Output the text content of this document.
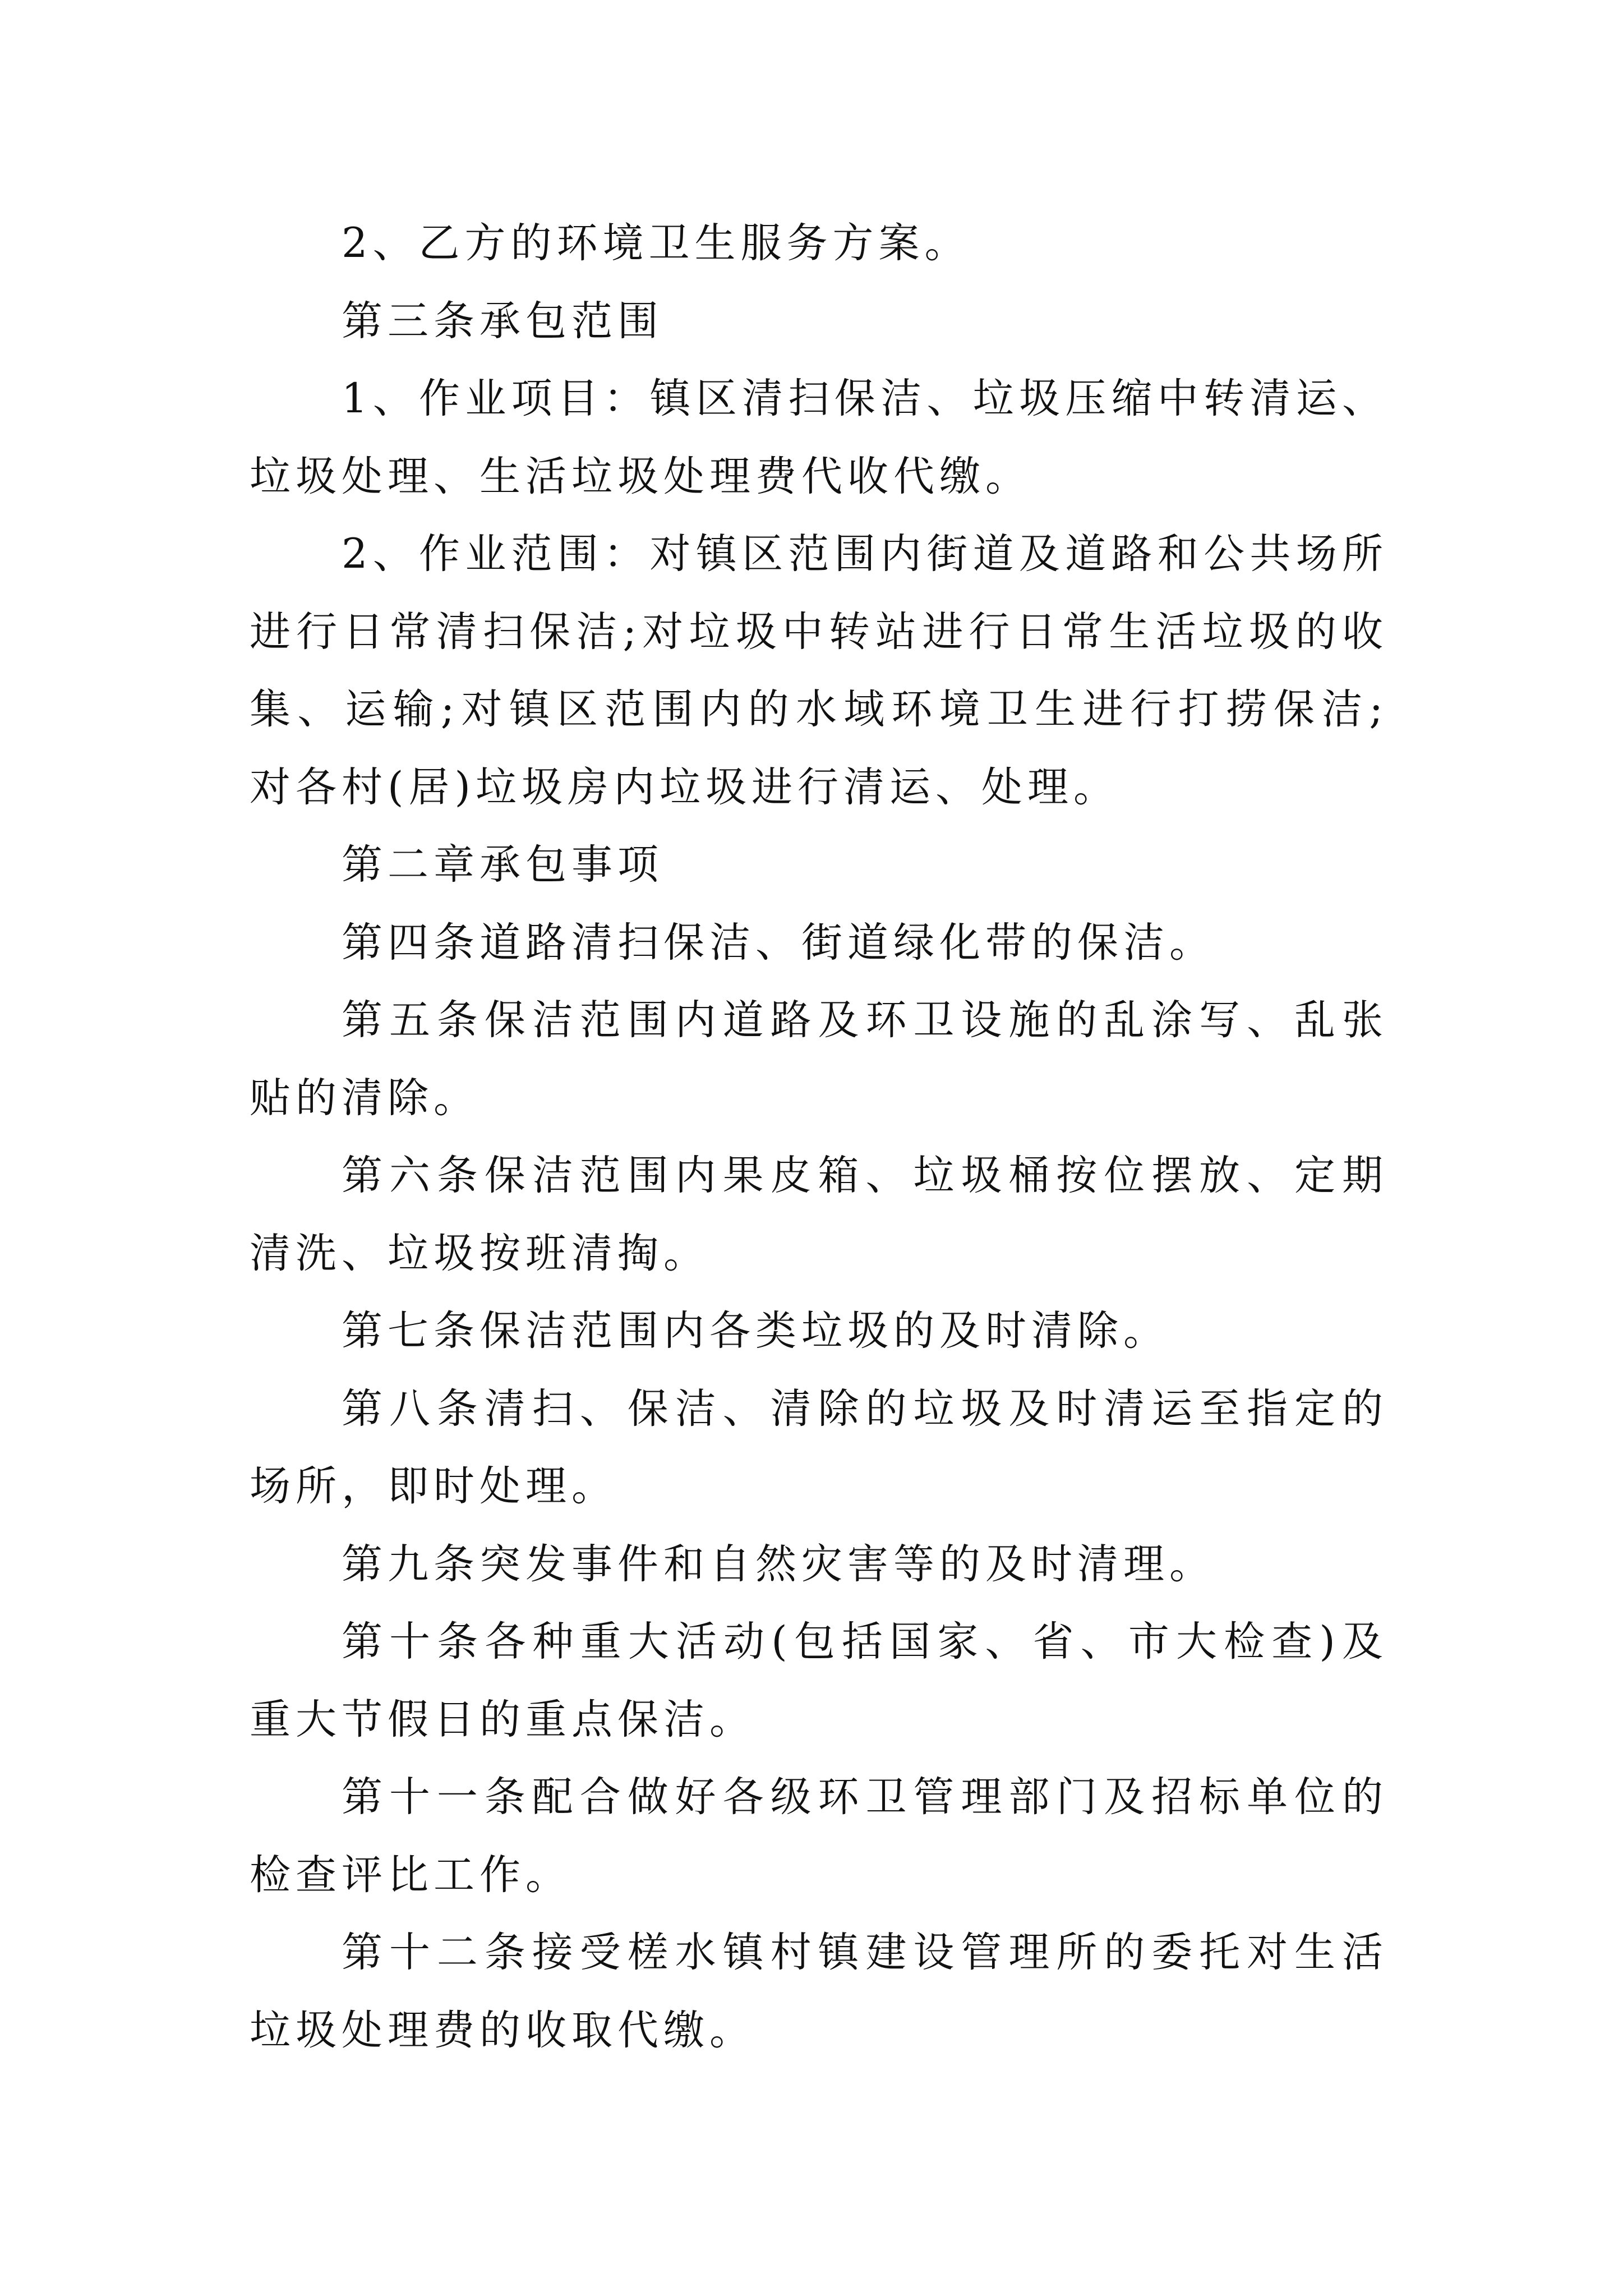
2、乙方的环境卫生服务方案。

第三条承包范围

1、作业项目：镇区清扫保洁、垃圾压缩中转清运、垃圾处理、生活垃圾处理费代收代缴。

2、作业范围：对镇区范围内街道及道路和公共场所进行日常清扫保洁;对垃圾中转站进行日常生活垃圾的收集、运输;对镇区范围内的水域环境卫生进行打捞保洁;对各村(居)垃圾房内垃圾进行清运、处理。

第二章承包事项

第四条道路清扫保洁、街道绿化带的保洁。

第五条保洁范围内道路及环卫设施的乱涂写、乱张贴的清除。

第六条保洁范围内果皮箱、垃圾桶按位摆放、定期清洗、垃圾按班清掏。

第七条保洁范围内各类垃圾的及时清除。

第八条清扫、保洁、清除的垃圾及时清运至指定的场所，即时处理。

第九条突发事件和自然灾害等的及时清理。

第十条各种重大活动(包括国家、省、市大检查)及重大节假日的重点保洁。

第十一条配合做好各级环卫管理部门及招标单位的检查评比工作。

第十二条接受槎水镇村镇建设管理所的委托对生活垃圾处理费的收取代缴。
